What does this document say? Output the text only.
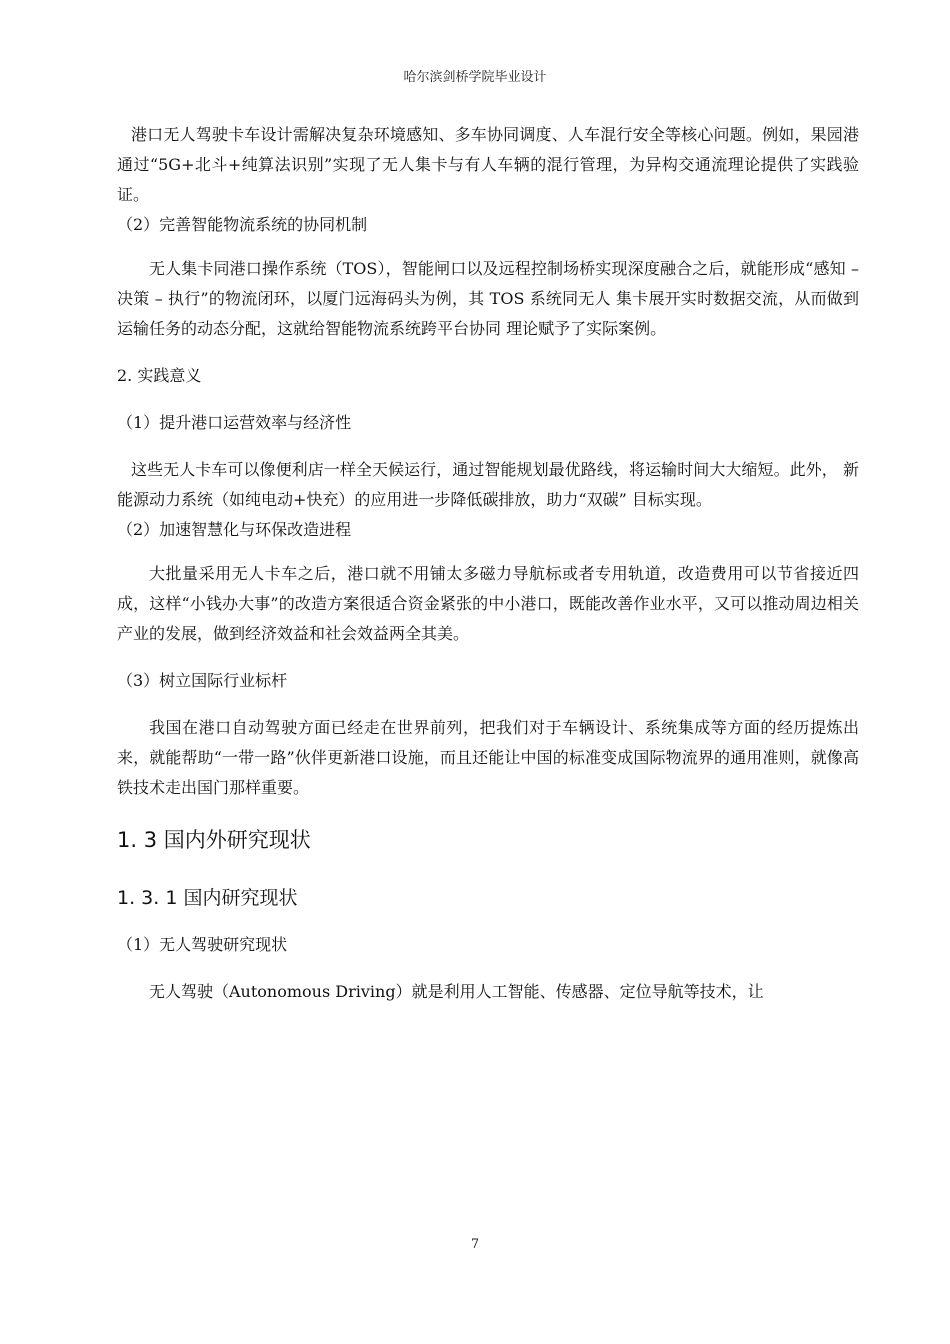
哈尔滨剑桥学院毕业设计

港口无人驾驶卡车设计需解决复杂环境感知、多车协同调度、人车混行安全等核心问题。例如，果园港通过“5G+北斗+纯算法识别”实现了无人集卡与有人车辆的混行管理，为异构交通流理论提供了实践验证。

（2）完善智能物流系统的协同机制

无人集卡同港口操作系统（TOS），智能闸口以及远程控制场桥实现深度融合之后，就能形成“感知 – 决策 – 执行”的物流闭环，以厦门远海码头为例，其 TOS 系统同无人 集卡展开实时数据交流，从而做到运输任务的动态分配，这就给智能物流系统跨平台协同 理论赋予了实际案例。

2. 实践意义

（1）提升港口运营效率与经济性

这些无人卡车可以像便利店一样全天候运行，通过智能规划最优路线，将运输时间大大缩短。此外， 新能源动力系统（如纯电动+快充）的应用进一步降低碳排放，助力“双碳” 目标实现。

（2）加速智慧化与环保改造进程

大批量采用无人卡车之后，港口就不用铺太多磁力导航标或者专用轨道，改造费用可以节省接近四成，这样“小钱办大事”的改造方案很适合资金紧张的中小港口，既能改善作业水平，又可以推动周边相关产业的发展，做到经济效益和社会效益两全其美。

（3）树立国际行业标杆

我国在港口自动驾驶方面已经走在世界前列，把我们对于车辆设计、系统集成等方面的经历提炼出来，就能帮助“一带一路”伙伴更新港口设施，而且还能让中国的标准变成国际物流界的通用准则，就像高铁技术走出国门那样重要。

1. 3 国内外研究现状
1. 3. 1 国内研究现状

（1）无人驾驶研究现状

无人驾驶（Autonomous Driving）就是利用人工智能、传感器、定位导航等技术，让

7
